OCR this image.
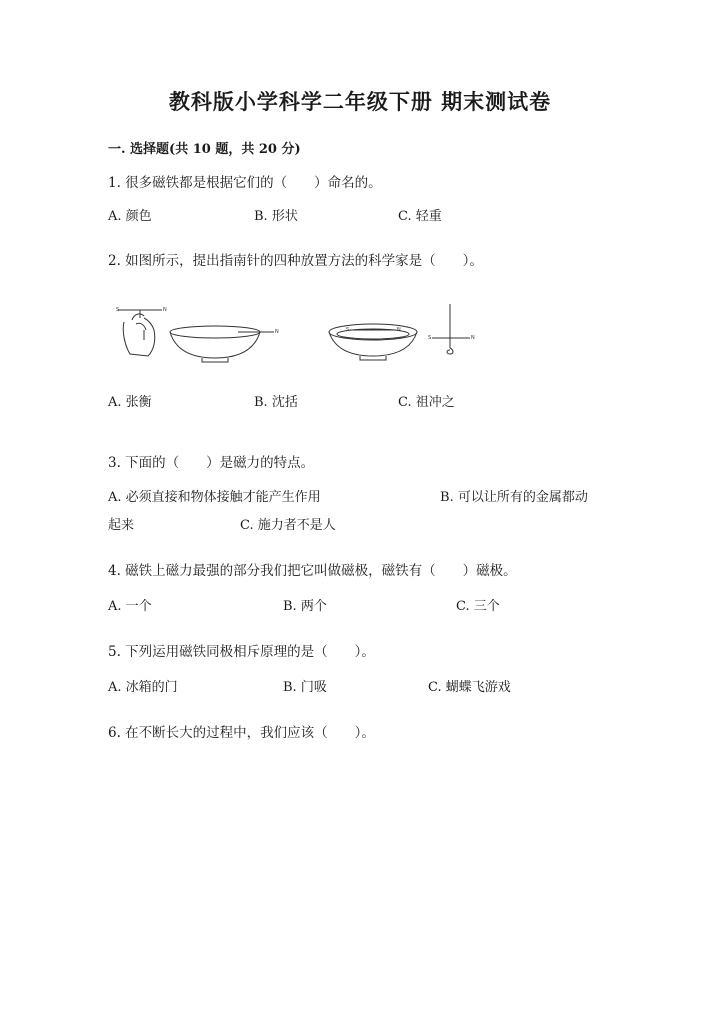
教科版小学科学二年级下册 期末测试卷
一. 选择题(共 10 题，共 20 分)
1. 很多磁铁都是根据它们的（　　）命名的。
A. 颜色	B. 形状	C. 轻重
2. 如图所示，提出指南针的四种放置方法的科学家是（　　）。
S	N
N	S	N
S	N
A. 张衡	B. 沈括	C. 祖冲之
3. 下面的（　　）是磁力的特点。
A. 必须直接和物体接触才能产生作用	B. 可以让所有的金属都动
起来	C. 施力者不是人
4. 磁铁上磁力最强的部分我们把它叫做磁极，磁铁有（　　）磁极。
A. 一个	B. 两个	C. 三个
5. 下列运用磁铁同极相斥原理的是（　　）。
A. 冰箱的门	B. 门吸	C. 蝴蝶飞游戏
6. 在不断长大的过程中，我们应该（　　）。
